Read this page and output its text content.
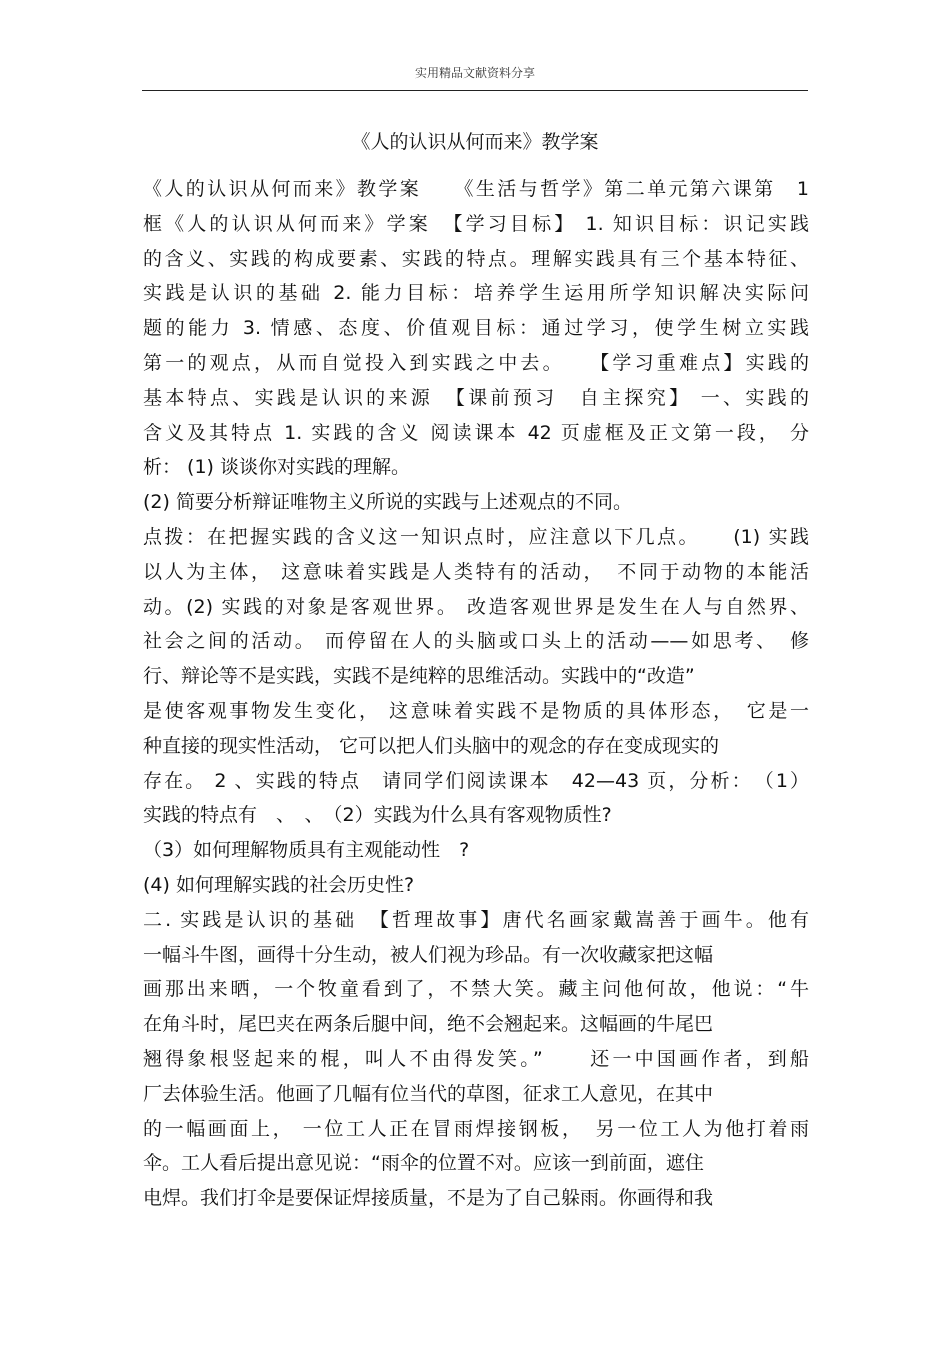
实用精品文献资料分享
《人的认识从何而来》教学案
《人的认识从何而来》教学案　　《生活与哲学》第二单元第六课第　1
框《人的认识从何而来》学案　【学习目标】 1. 知识目标：识记实践
的含义、实践的构成要素、实践的特点。理解实践具有三个基本特征、
实践是认识的基础 2. 能力目标：培养学生运用所学知识解决实际问
题的能力 3. 情感、态度、价值观目标：通过学习，使学生树立实践
第一的观点，从而自觉投入到实践之中去。　　【学习重难点】实践的
基本特点、实践是认识的来源　【课前预习　自主探究】 一、实践的
含义及其特点 1. 实践的含义 阅读课本 42 页虚框及正文第一段， 分
析： (1) 谈谈你对实践的理解。
(2) 简要分析辩证唯物主义所说的实践与上述观点的不同。
点拨：在把握实践的含义这一知识点时，应注意以下几点。　　(1) 实践
以人为主体， 这意味着实践是人类特有的活动，　不同于动物的本能活
动。(2) 实践的对象是客观世界。 改造客观世界是发生在人与自然界、
社会之间的活动。 而停留在人的头脑或口头上的活动——如思考、　修
行、辩论等不是实践，实践不是纯粹的思维活动。实践中的“改造”
是使客观事物发生变化， 这意味着实践不是物质的具体形态，　它是一
种直接的现实性活动， 它可以把人们头脑中的观念的存在变成现实的
存在。 2 、实践的特点　请同学们阅读课本　42—43 页，分析：　（1）
实践的特点有　、　、　（2）实践为什么具有客观物质性?
（3）如何理解物质具有主观能动性　?
(4) 如何理解实践的社会历史性?
二. 实践是认识的基础　【哲理故事】唐代名画家戴嵩善于画牛。他有
一幅斗牛图，画得十分生动，被人们视为珍品。有一次收藏家把这幅
画那出来晒，一个牧童看到了，不禁大笑。藏主问他何故，他说：“牛
在角斗时，尾巴夹在两条后腿中间，绝不会翘起来。这幅画的牛尾巴
翘得象根竖起来的棍，叫人不由得发笑。”　　还一中国画作者，到船
厂去体验生活。他画了几幅有位当代的草图，征求工人意见，在其中
的一幅画面上， 一位工人正在冒雨焊接钢板，　另一位工人为他打着雨
伞。工人看后提出意见说：“雨伞的位置不对。应该一到前面，遮住
电焊。我们打伞是要保证焊接质量，不是为了自己躲雨。你画得和我
